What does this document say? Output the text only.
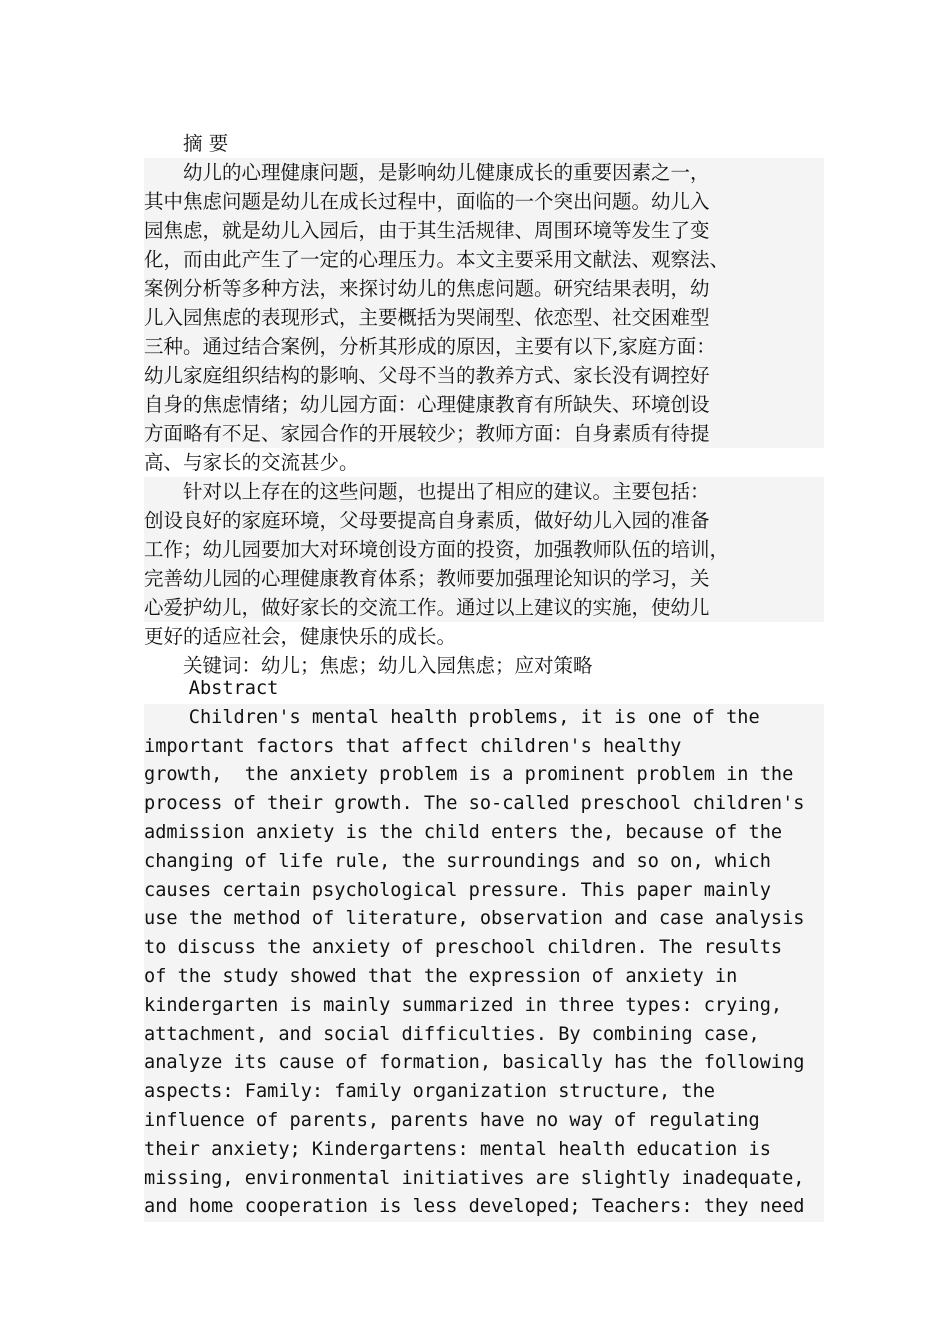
　　摘 要
　　幼儿的心理健康问题，是影响幼儿健康成长的重要因素之一，
其中焦虑问题是幼儿在成长过程中，面临的一个突出问题。幼儿入
园焦虑，就是幼儿入园后，由于其生活规律、周围环境等发生了变
化，而由此产生了一定的心理压力。本文主要采用文献法、观察法、
案例分析等多种方法，来探讨幼儿的焦虑问题。研究结果表明，幼
儿入园焦虑的表现形式，主要概括为哭闹型、依恋型、社交困难型
三种。通过结合案例，分析其形成的原因，主要有以下,家庭方面：
幼儿家庭组织结构的影响、父母不当的教养方式、家长没有调控好
自身的焦虑情绪；幼儿园方面：心理健康教育有所缺失、环境创设
方面略有不足、家园合作的开展较少；教师方面：自身素质有待提
高、与家长的交流甚少。
　　针对以上存在的这些问题，也提出了相应的建议。主要包括：
创设良好的家庭环境，父母要提高自身素质，做好幼儿入园的准备
工作；幼儿园要加大对环境创设方面的投资，加强教师队伍的培训，
完善幼儿园的心理健康教育体系；教师要加强理论知识的学习，关
心爱护幼儿，做好家长的交流工作。通过以上建议的实施，使幼儿
更好的适应社会，健康快乐的成长。
　　关键词：幼儿；焦虑；幼儿入园焦虑；应对策略
Abstract
Children's mental health problems, it is one of the
important factors that affect children's healthy
growth,  the anxiety problem is a prominent problem in the
process of their growth. The so-called preschool children's
admission anxiety is the child enters the, because of the
changing of life rule, the surroundings and so on, which
causes certain psychological pressure. This paper mainly
use the method of literature, observation and case analysis
to discuss the anxiety of preschool children. The results
of the study showed that the expression of anxiety in
kindergarten is mainly summarized in three types: crying,
attachment, and social difficulties. By combining case,
analyze its cause of formation, basically has the following
aspects: Family: family organization structure, the
influence of parents, parents have no way of regulating
their anxiety; Kindergartens: mental health education is
missing, environmental initiatives are slightly inadequate,
and home cooperation is less developed; Teachers: they need
